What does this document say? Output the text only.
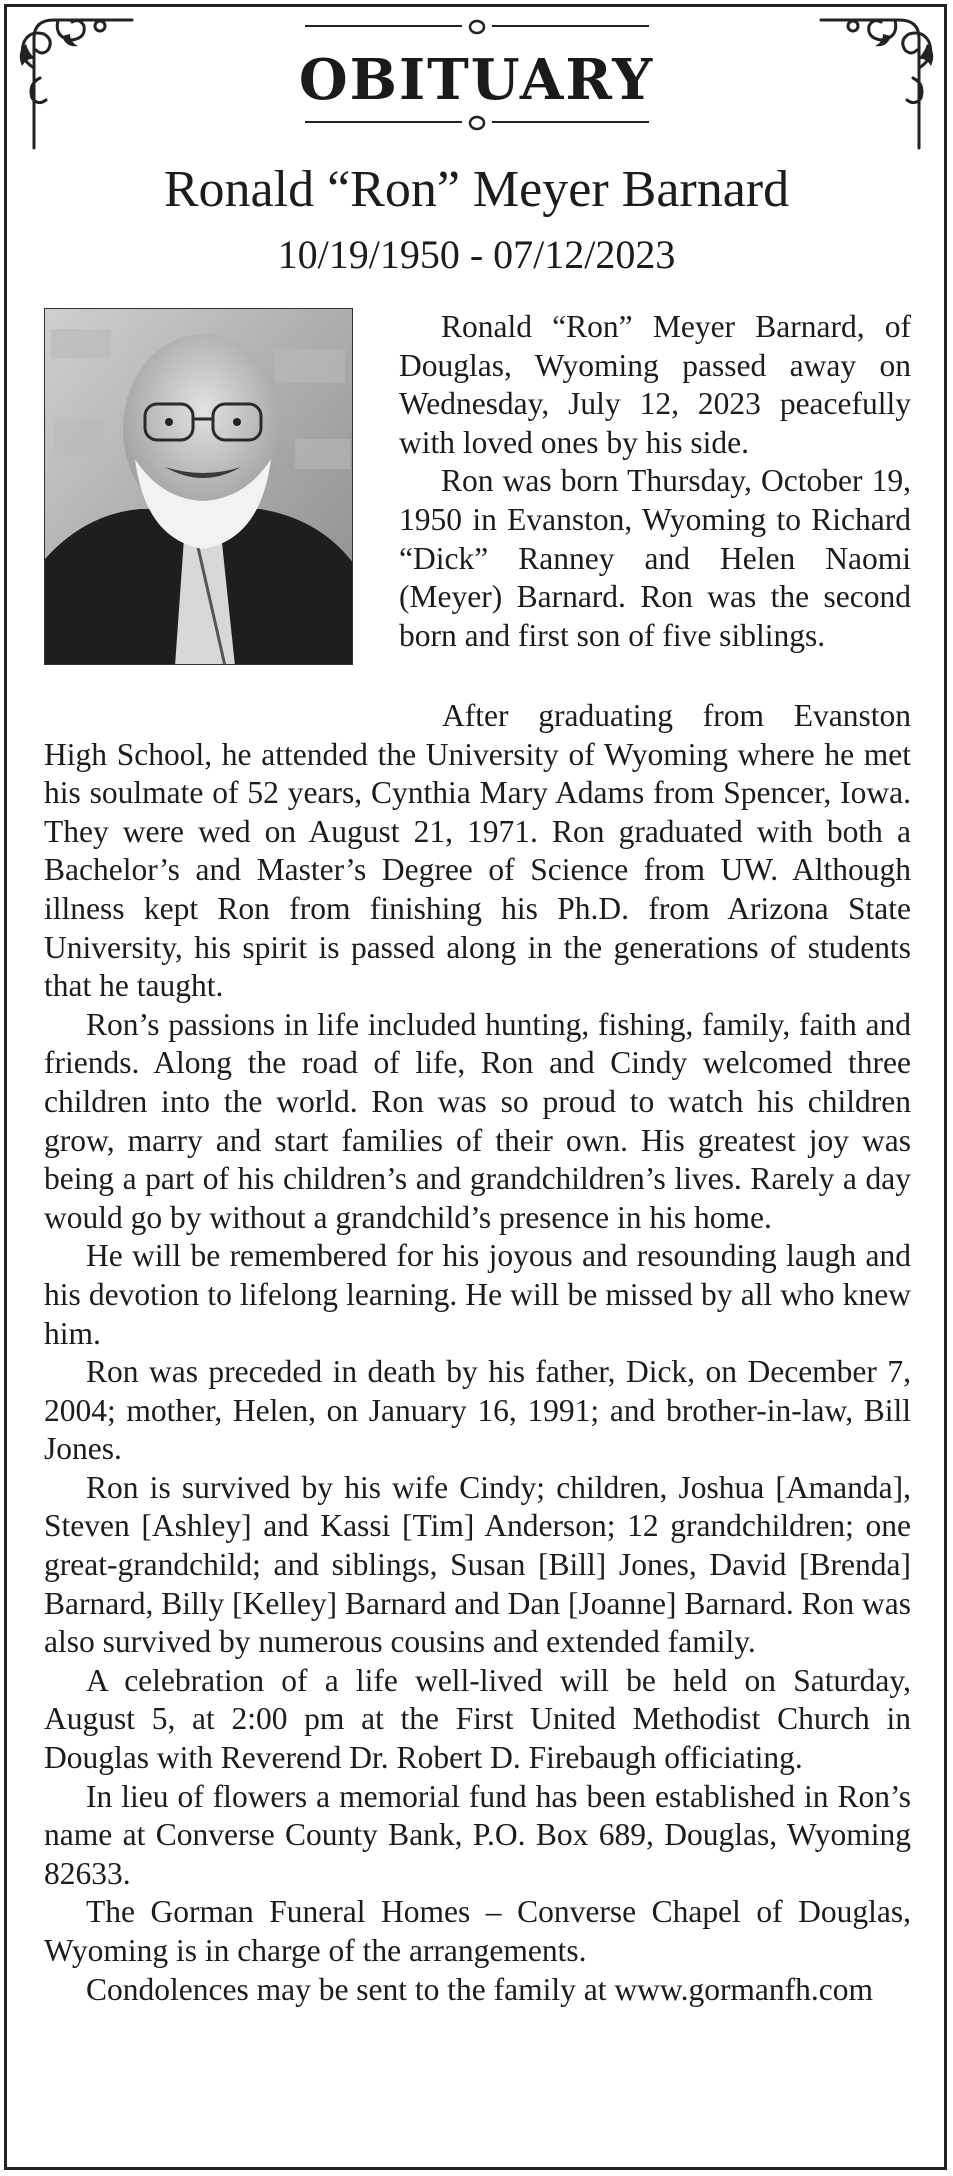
OBITUARY
Ronald “Ron” Meyer Barnard
10/19/1950 - 07/12/2023

Ronald “Ron” Meyer Barnard, of Douglas, Wyoming passed away on Wednesday, July 12, 2023 peacefully with loved ones by his side.

Ron was born Thursday, October 19, 1950 in Evanston, Wyoming to Richard “Dick” Ranney and Helen Naomi (Meyer) Barnard. Ron was the second born and first son of five siblings.

After graduating from Evanston High School, he attended the University of Wyoming where he met his soulmate of 52 years, Cynthia Mary Adams from Spencer, Iowa. They were wed on August 21, 1971. Ron graduated with both a Bachelor’s and Master’s Degree of Science from UW. Although illness kept Ron from finishing his Ph.D. from Arizona State University, his spirit is passed along in the generations of students that he taught.

Ron’s passions in life included hunting, fishing, family, faith and friends. Along the road of life, Ron and Cindy welcomed three children into the world. Ron was so proud to watch his children grow, marry and start families of their own. His greatest joy was being a part of his children’s and grandchildren’s lives. Rarely a day would go by without a grandchild’s presence in his home.

He will be remembered for his joyous and resounding laugh and his devotion to lifelong learning. He will be missed by all who knew him.

Ron was preceded in death by his father, Dick, on December 7, 2004; mother, Helen, on January 16, 1991; and brother-in-law, Bill Jones.

Ron is survived by his wife Cindy; children, Joshua [Amanda], Steven [Ashley] and Kassi [Tim] Anderson; 12 grandchildren; one great-grandchild; and siblings, Susan [Bill] Jones, David [Brenda] Barnard, Billy [Kelley] Barnard and Dan [Joanne] Barnard. Ron was also survived by numerous cousins and extended family.

A celebration of a life well-lived will be held on Saturday, August 5, at 2:00 pm at the First United Methodist Church in Douglas with Reverend Dr. Robert D. Firebaugh officiating.

In lieu of flowers a memorial fund has been established in Ron’s name at Converse County Bank, P.O. Box 689, Douglas, Wyoming 82633.

The Gorman Funeral Homes – Converse Chapel of Douglas, Wyoming is in charge of the arrangements.

Condolences may be sent to the family at www.gormanfh.com
